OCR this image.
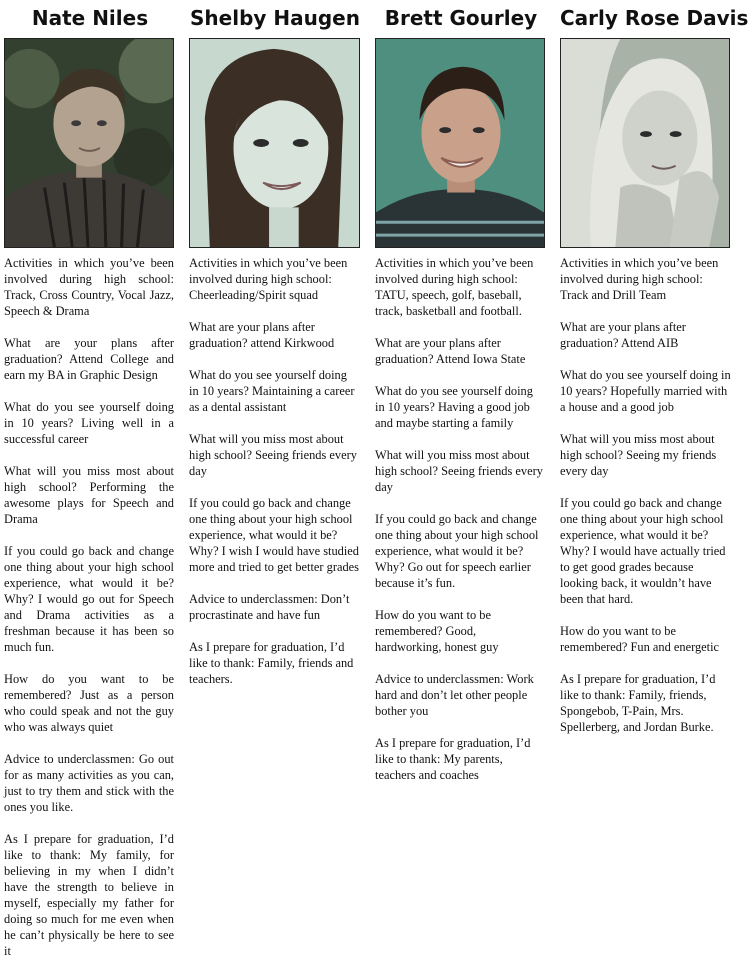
Nate Niles

Activities in which you’ve been involved during high school: Track, Cross Country, Vocal Jazz, Speech & Drama

What are your plans after graduation? Attend College and earn my BA in Graphic Design

What do you see yourself doing in 10 years? Living well in a successful career

What will you miss most about high school? Performing the awesome plays for Speech and Drama

If you could go back and change one thing about your high school experience, what would it be? Why? I would go out for Speech and Drama activities as a freshman because it has been so much fun.

How do you want to be remembered? Just as a person who could speak and not the guy who was always quiet

Advice to underclassmen: Go out for as many activities as you can, just to try them and stick with the ones you like.

As I prepare for graduation, I’d like to thank: My family, for believing in my when I didn’t have the strength to believe in myself, especially my father for doing so much for me even when he can’t physically be here to see it

Shelby Haugen

Activities in which you’ve been involved during high school: Cheerleading/Spirit squad

What are your plans after graduation? attend Kirkwood

What do you see yourself doing in 10 years? Maintaining a career as a dental assistant

What will you miss most about high school? Seeing friends every day

If you could go back and change one thing about your high school experience, what would it be? Why? I wish I would have studied more and tried to get better grades

Advice to underclassmen: Don’t procrastinate and have fun

As I prepare for graduation, I’d like to thank: Family, friends and teachers.

Brett Gourley

Activities in which you’ve been involved during high school: TATU, speech, golf, baseball, track, basketball and football.

What are your plans after graduation? Attend Iowa State

What do you see yourself doing in 10 years? Having a good job and maybe starting a family

What will you miss most about high school? Seeing friends every day

If you could go back and change one thing about your high school experience, what would it be? Why? Go out for speech earlier because it’s fun.

How do you want to be remembered? Good, hardworking, honest guy

Advice to underclassmen: Work hard and don’t let other people bother you

As I prepare for graduation, I’d like to thank: My parents, teachers and coaches

Carly Rose Davis

Activities in which you’ve been involved during high school: Track and Drill Team

What are your plans after graduation? Attend AIB

What do you see yourself doing in 10 years? Hopefully married with a house and a good job

What will you miss most about high school? Seeing my friends every day

If you could go back and change one thing about your high school experience, what would it be? Why? I would have actually tried to get good grades because looking back, it wouldn’t have been that hard.

How do you want to be remembered? Fun and energetic

As I prepare for graduation, I’d like to thank: Family, friends, Spongebob, T-Pain, Mrs. Spellerberg, and Jordan Burke.
